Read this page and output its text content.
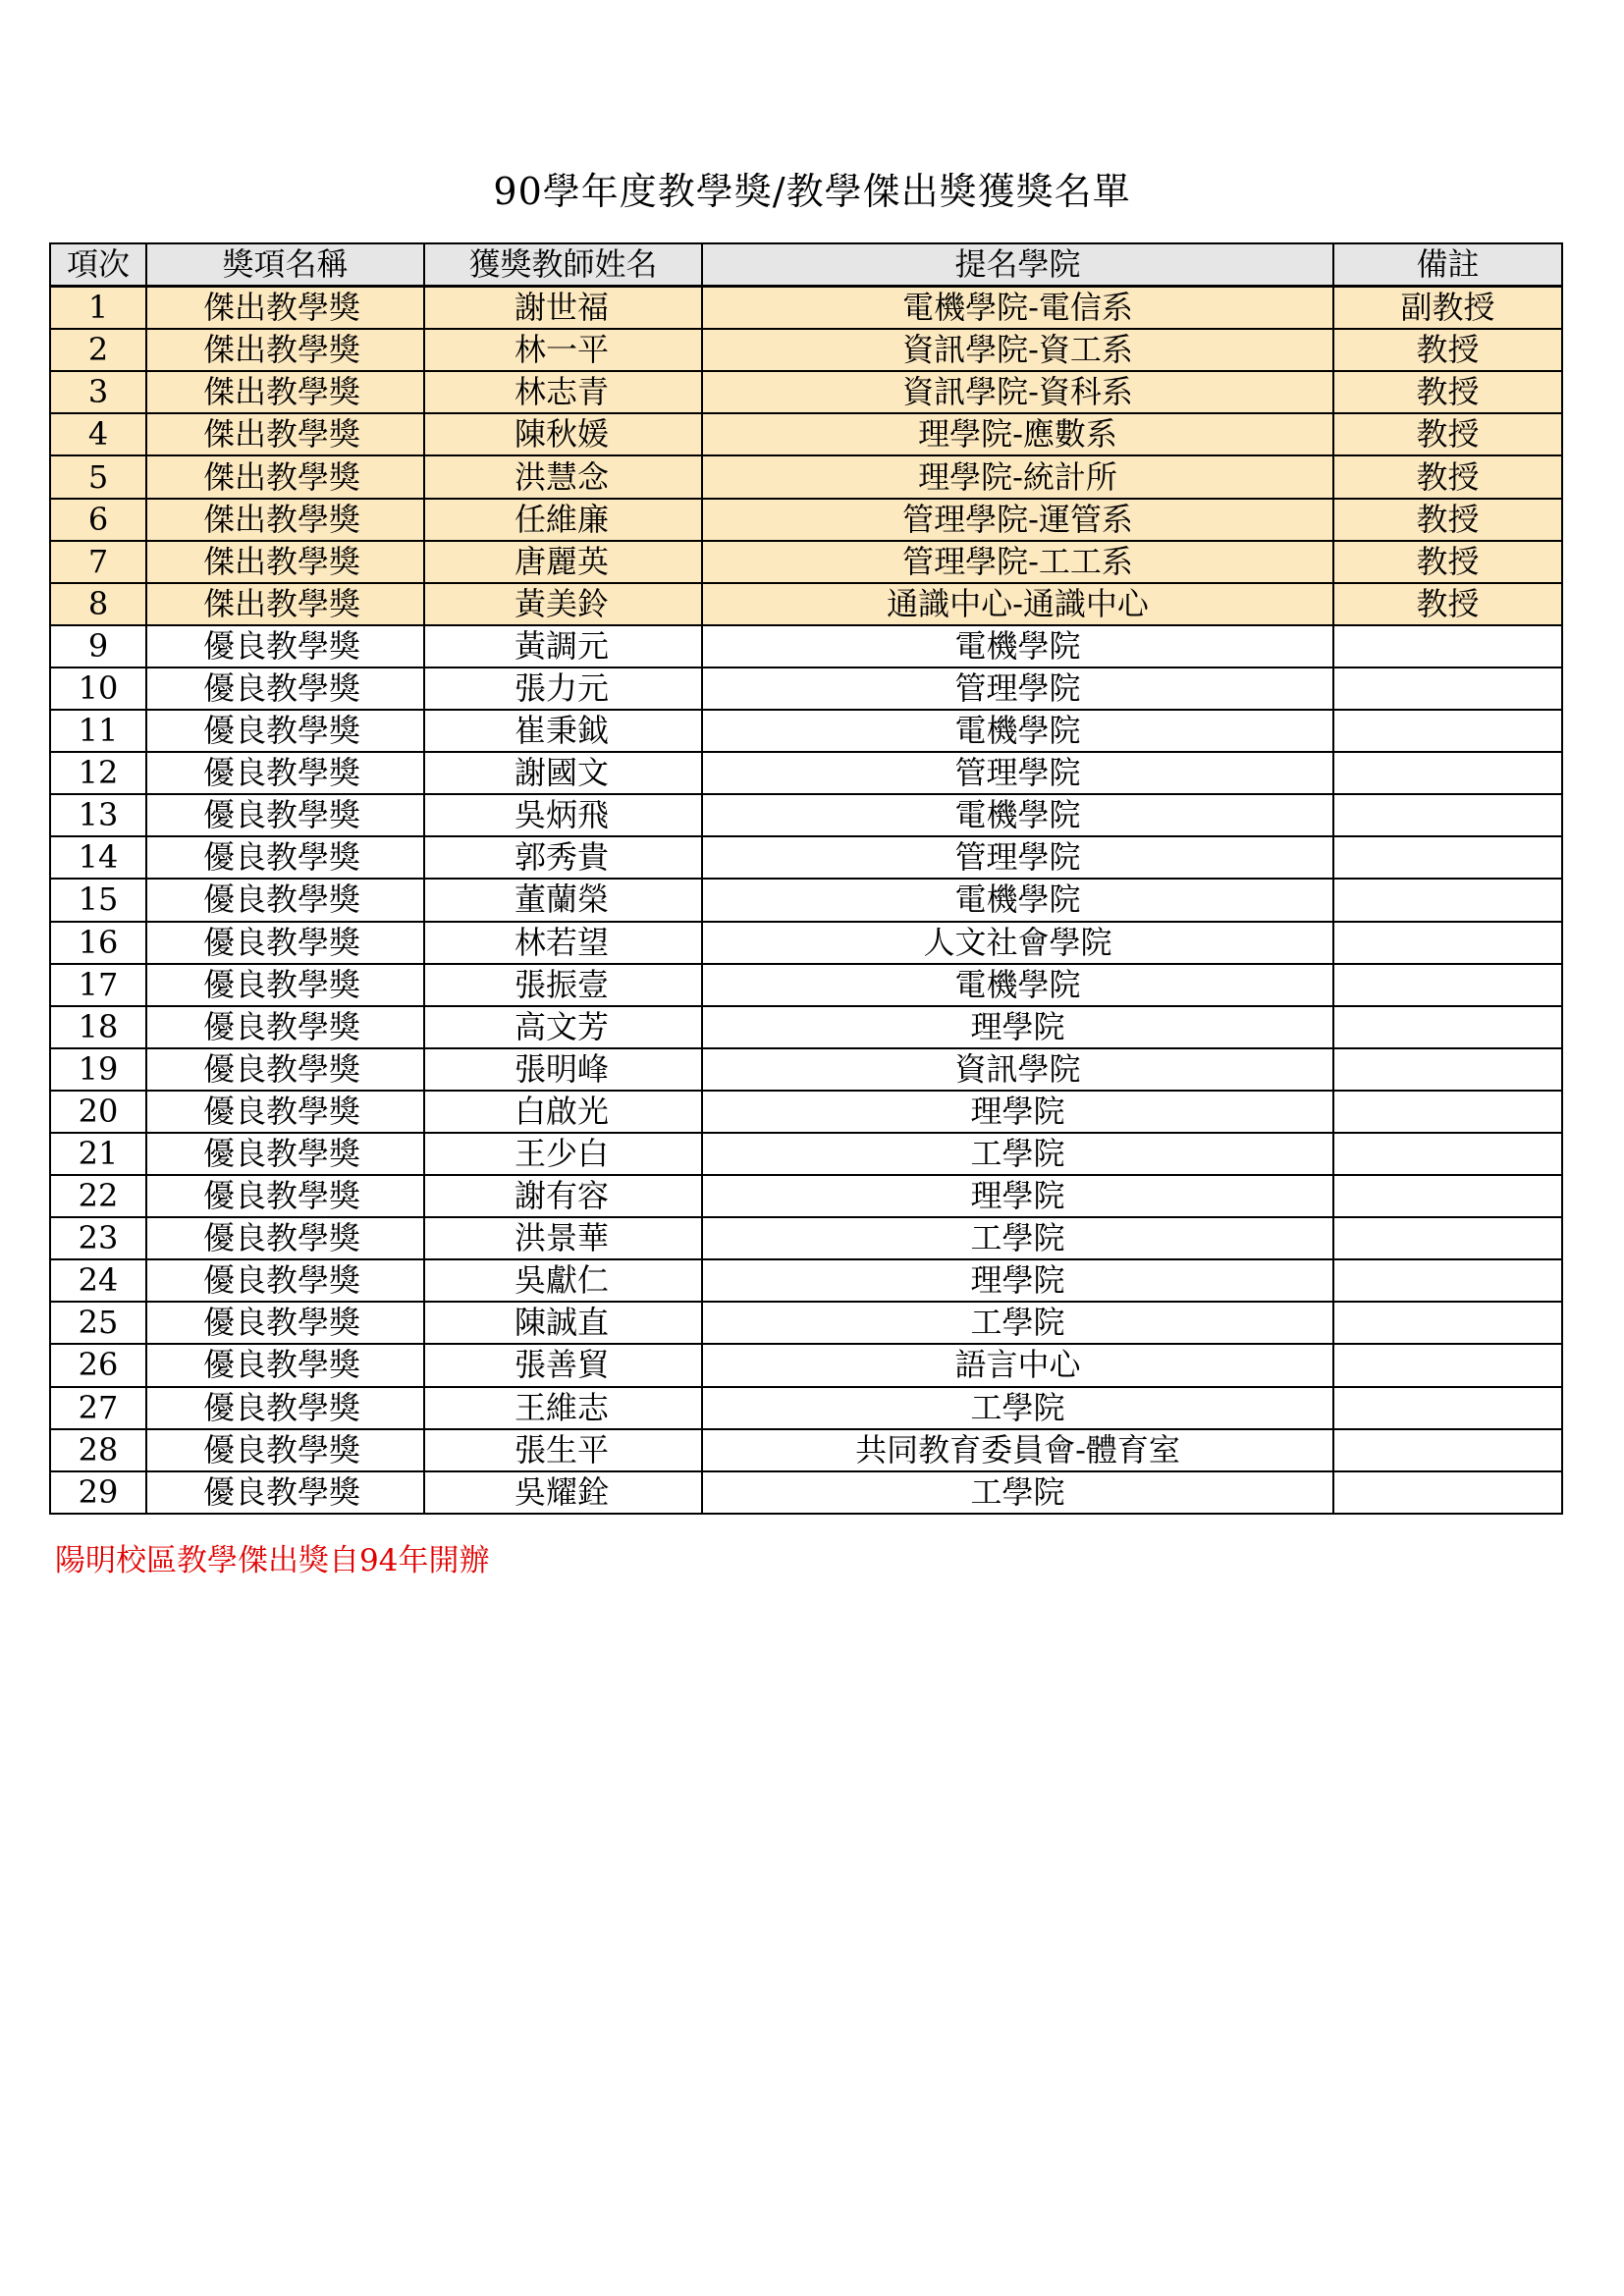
90學年度教學獎/教學傑出獎獲獎名單
項次	獎項名稱	獲獎教師姓名	提名學院	備註
1	傑出教學獎	謝世福	電機學院-電信系	副教授
2	傑出教學獎	林一平	資訊學院-資工系	教授
3	傑出教學獎	林志青	資訊學院-資科系	教授
4	傑出教學獎	陳秋媛	理學院-應數系	教授
5	傑出教學獎	洪慧念	理學院-統計所	教授
6	傑出教學獎	任維廉	管理學院-運管系	教授
7	傑出教學獎	唐麗英	管理學院-工工系	教授
8	傑出教學獎	黃美鈴	通識中心-通識中心	教授
9	優良教學獎	黃調元	電機學院	
10	優良教學獎	張力元	管理學院	
11	優良教學獎	崔秉鉞	電機學院	
12	優良教學獎	謝國文	管理學院	
13	優良教學獎	吳炳飛	電機學院	
14	優良教學獎	郭秀貴	管理學院	
15	優良教學獎	董蘭榮	電機學院	
16	優良教學獎	林若望	人文社會學院	
17	優良教學獎	張振壹	電機學院	
18	優良教學獎	高文芳	理學院	
19	優良教學獎	張明峰	資訊學院	
20	優良教學獎	白啟光	理學院	
21	優良教學獎	王少白	工學院	
22	優良教學獎	謝有容	理學院	
23	優良教學獎	洪景華	工學院	
24	優良教學獎	吳獻仁	理學院	
25	優良教學獎	陳誠直	工學院	
26	優良教學獎	張善貿	語言中心	
27	優良教學獎	王維志	工學院	
28	優良教學獎	張生平	共同教育委員會-體育室	
29	優良教學獎	吳耀銓	工學院	
陽明校區教學傑出獎自94年開辦
